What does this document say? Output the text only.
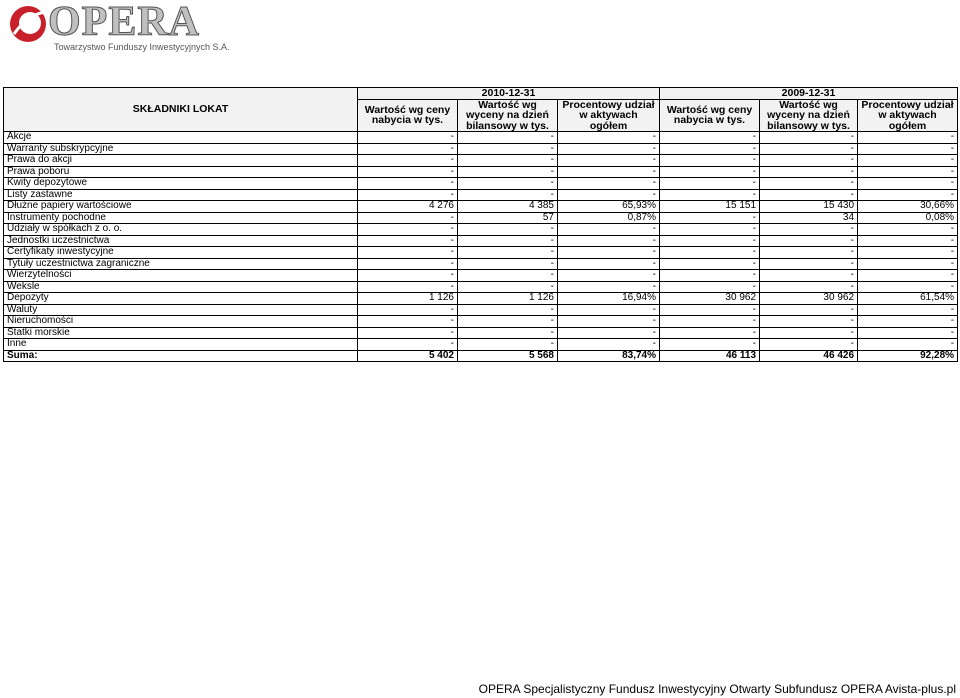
OPERA
Towarzystwo Funduszy Inwestycyjnych S.A.
SKŁADNIKI LOKAT	2010-12-31			2009-12-31		
	Wartość wg ceny nabycia w tys.	Wartość wg wyceny na dzień bilansowy w tys.	Procentowy udział w aktywach ogółem	Wartość wg ceny nabycia w tys.	Wartość wg wyceny na dzień bilansowy w tys.	Procentowy udział w aktywach ogółem
Akcje	-	-	-	-	-	-
Warranty subskrypcyjne	-	-	-	-	-	-
Prawa do akcji	-	-	-	-	-	-
Prawa poboru	-	-	-	-	-	-
Kwity depozytowe	-	-	-	-	-	-
Listy zastawne	-	-	-	-	-	-
Dłużne papiery wartościowe	4 276	4 385	65,93%	15 151	15 430	30,66%
Instrumenty pochodne	-	57	0,87%	-	34	0,08%
Udziały w spółkach z o. o.	-	-	-	-	-	-
Jednostki uczestnictwa	-	-	-	-	-	-
Certyfikaty inwestycyjne	-	-	-	-	-	-
Tytuły uczestnictwa zagraniczne	-	-	-	-	-	-
Wierzytelności	-	-	-	-	-	-
Weksle	-	-	-	-	-	-
Depozyty	1 126	1 126	16,94%	30 962	30 962	61,54%
Waluty	-	-	-	-	-	-
Nieruchomości	-	-	-	-	-	-
Statki morskie	-	-	-	-	-	-
Inne	-	-	-	-	-	-
Suma:	5 402	5 568	83,74%	46 113	46 426	92,28%
OPERA Specjalistyczny Fundusz Inwestycyjny Otwarty Subfundusz OPERA Avista-plus.pl
